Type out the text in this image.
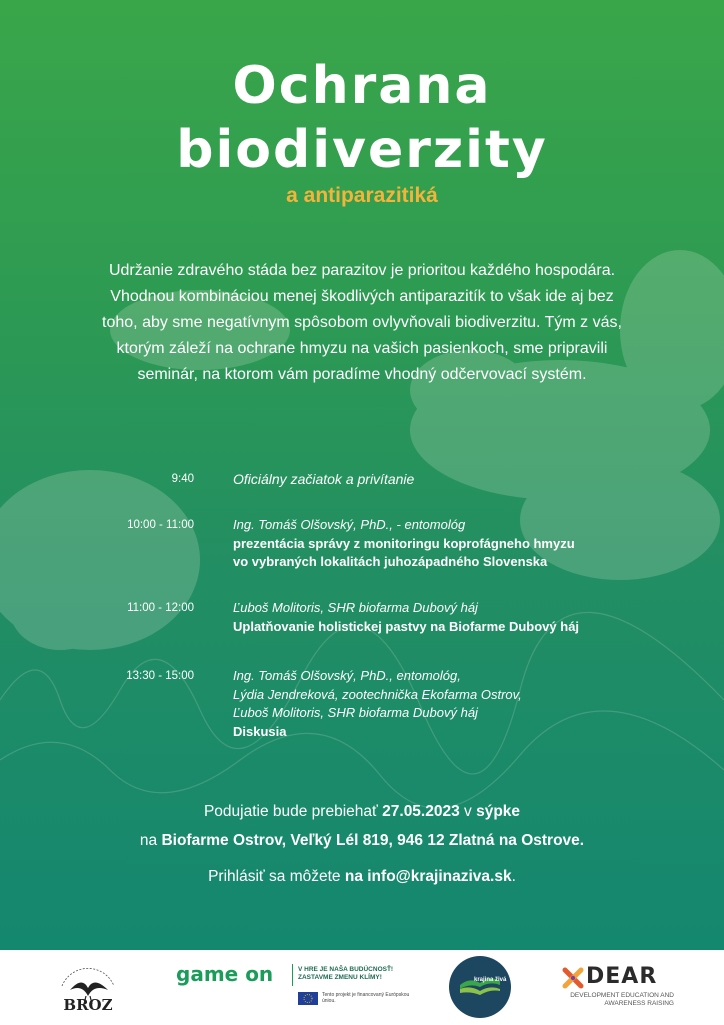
Ochrana
biodiverzity
a antiparazitiká
Udržanie zdravého stáda bez parazitov je prioritou každého hospodára.
Vhodnou kombináciou menej škodlivých antiparazitík to však ide aj bez
toho, aby sme negatívnym spôsobom ovlyvňovali biodiverzitu. Tým z vás,
ktorým záleží na ochrane hmyzu na vašich pasienkoch, sme pripravili
seminár, na ktorom vám poradíme vhodný odčervovací systém.
9:40	Oficiálny začiatok a privítanie
10:00 - 11:00	Ing. Tomáš Olšovský, PhD., - entomológ
prezentácia správy z monitoringu koprofágneho hmyzu
vo vybraných lokalitách juhozápadného Slovenska
11:00 - 12:00	Ľuboš Molitoris, SHR biofarma Dubový háj
Uplatňovanie holistickej pastvy na Biofarme Dubový háj
13:30 - 15:00	Ing. Tomáš Olšovský, PhD., entomológ,
Lýdia Jendreková, zootechnička Ekofarma Ostrov,
Ľuboš Molitoris, SHR biofarma Dubový háj
Diskusia
Podujatie bude prebiehať 27.05.2023 v sýpke
na Biofarme Ostrov, Veľký Lél 819, 946 12 Zlatná na Ostrove.
Prihlásiť sa môžete na info@krajinaziva.sk.
BROZ
game on	V HRE JE NAŠA BUDÚCNOSŤ! ZASTAVME ZMENU KLÍMY!
Tento projekt je financovaný Európskou úniou.
krajina živá	DEAR
DEVELOPMENT EDUCATION AND AWARENESS RAISING
